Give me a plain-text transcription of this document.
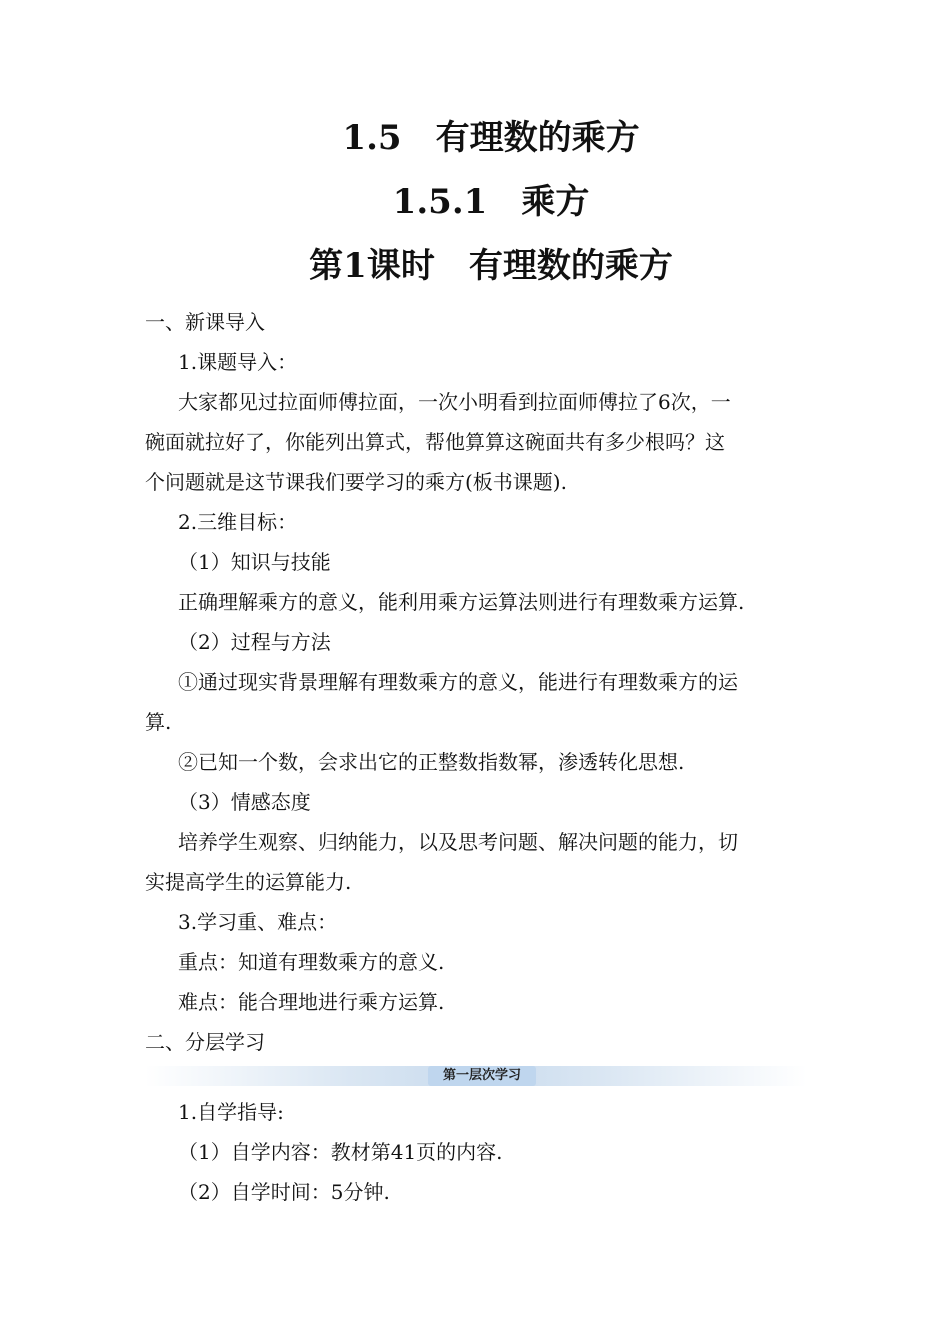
1.5　有理数的乘方
1.5.1　乘方
第1课时　有理数的乘方
一、新课导入
1.课题导入：
大家都见过拉面师傅拉面，一次小明看到拉面师傅拉了6次，一
碗面就拉好了，你能列出算式，帮他算算这碗面共有多少根吗？这
个问题就是这节课我们要学习的乘方(板书课题).
2.三维目标：
（1）知识与技能
正确理解乘方的意义，能利用乘方运算法则进行有理数乘方运算.
（2）过程与方法
①通过现实背景理解有理数乘方的意义，能进行有理数乘方的运
算.
②已知一个数，会求出它的正整数指数幂，渗透转化思想.
（3）情感态度
培养学生观察、归纳能力，以及思考问题、解决问题的能力，切
实提高学生的运算能力.
3.学习重、难点：
重点：知道有理数乘方的意义.
难点：能合理地进行乘方运算.
二、分层学习
第一层次学习
1.自学指导:
（1）自学内容：教材第41页的内容.
（2）自学时间：5分钟.
